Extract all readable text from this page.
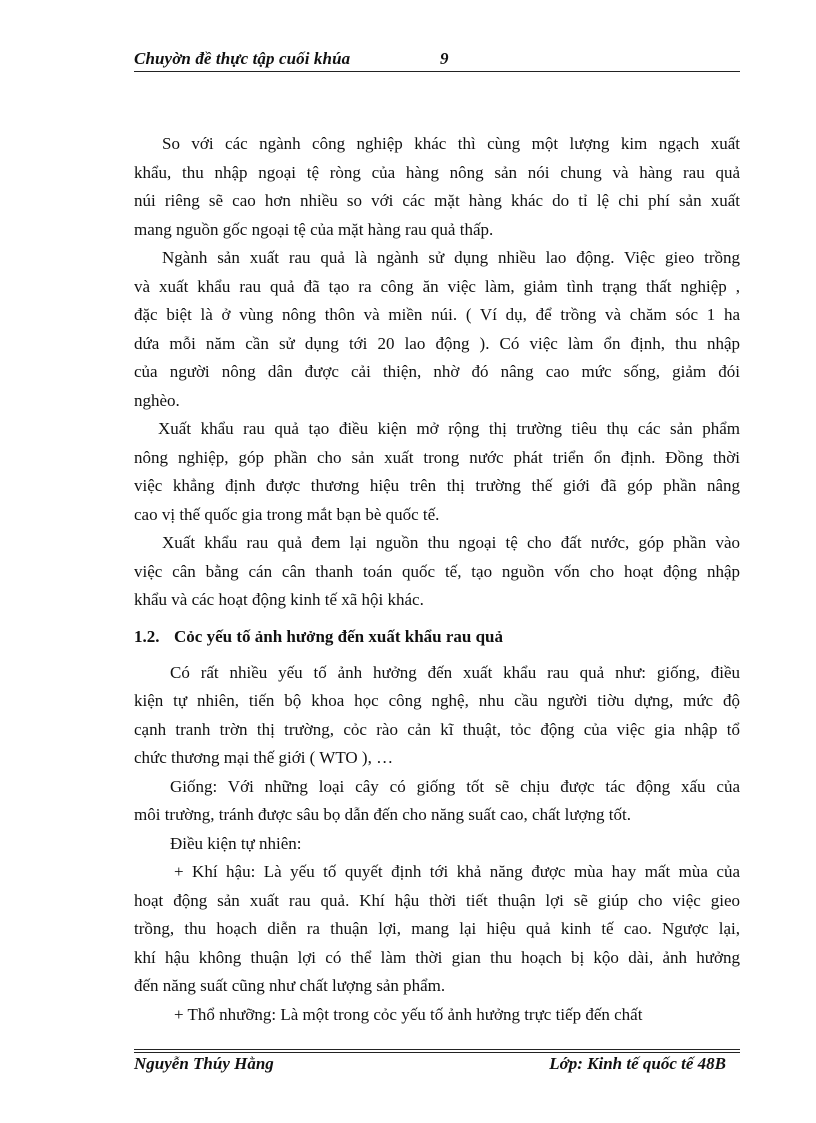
Chuyờn đề thực tập cuối khúa	9

So với các ngành công nghiệp khác thì cùng một lượng kim ngạch xuất
khẩu, thu nhập ngoại tệ ròng của hàng nông sản nói chung và hàng rau quả
núi riêng sẽ cao hơn nhiều so với các mặt hàng khác do tỉ lệ chi phí sản xuất
mang nguồn gốc ngoại tệ của mặt hàng rau quả thấp.

Ngành sản xuất rau quả là ngành sử dụng nhiều lao động. Việc gieo trồng
và xuất khẩu rau quả đã tạo ra công ăn việc làm, giảm tình trạng thất nghiệp ,
đặc biệt là ở vùng nông thôn và miền núi. ( Ví dụ, để trồng và chăm sóc 1 ha
dứa mỗi năm cần sử dụng tới 20 lao động ). Có việc làm ổn định, thu nhập
của người nông dân được cải thiện, nhờ đó nâng cao mức sống, giảm đói
nghèo.

Xuất khẩu rau quả tạo điều kiện mở rộng thị trường tiêu thụ các sản phẩm
nông nghiệp, góp phần cho sản xuất trong nước phát triển ổn định. Đồng thời
việc khẳng định được thương hiệu trên thị trường thế giới đã góp phần nâng
cao vị thế quốc gia trong mắt bạn bè quốc tế.

Xuất khẩu rau quả đem lại nguồn thu ngoại tệ cho đất nước, góp phần vào
việc cân bằng cán cân thanh toán quốc tế, tạo nguồn vốn cho hoạt động nhập
khẩu và các hoạt động kinh tế xã hội khác.

1.2. Cỏc yếu tố ảnh hưởng đến xuất khẩu rau quả

Có rất nhiều yếu tố ảnh hưởng đến xuất khẩu rau quả như: giống, điều
kiện tự nhiên, tiến bộ khoa học công nghệ, nhu cầu người tiờu dựng, mức độ
cạnh tranh trờn thị trường, cỏc rào cản kĩ thuật, tỏc động của việc gia nhập tổ
chức thương mại thế giới ( WTO ), …

Giống: Với những loại cây có giống tốt sẽ chịu được tác động xấu của
môi trường, tránh được sâu bọ dẫn đến cho năng suất cao, chất lượng tốt.

Điều kiện tự nhiên:

+ Khí hậu: Là yếu tố quyết định tới khả năng được mùa hay mất mùa của
hoạt động sản xuất rau quả. Khí hậu thời tiết thuận lợi sẽ giúp cho việc gieo
trồng, thu hoạch diễn ra thuận lợi, mang lại hiệu quả kinh tế cao. Ngược lại,
khí hậu không thuận lợi có thể làm thời gian thu hoạch bị kộo dài, ảnh hưởng
đến năng suất cũng như chất lượng sản phẩm.

+ Thổ nhưỡng: Là một trong cỏc yếu tố ảnh hưởng trực tiếp đến chất

Nguyễn Thúy Hằng	Lớp: Kinh tế quốc tế 48B
